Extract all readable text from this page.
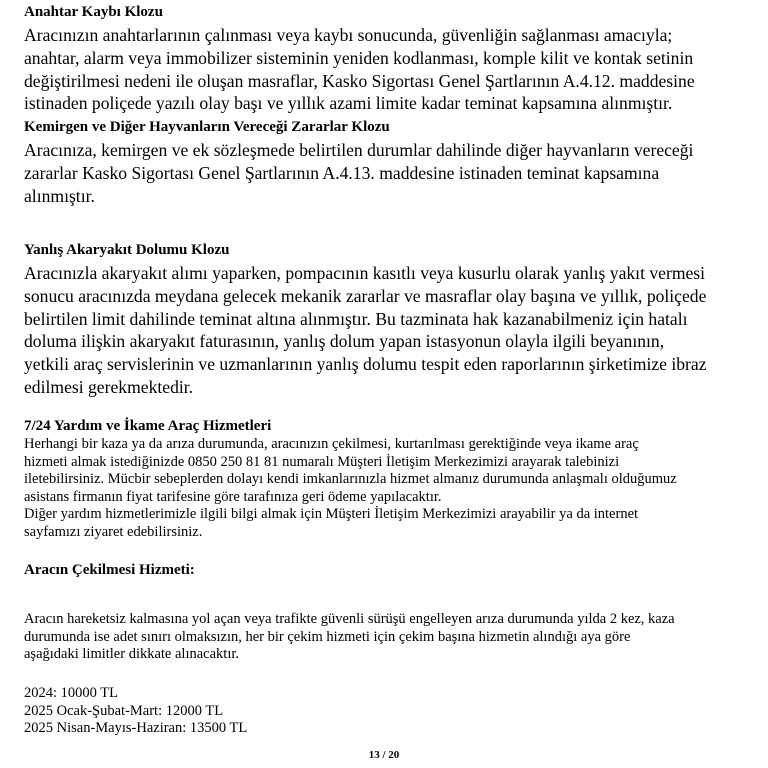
Anahtar Kaybı Klozu
Aracınızın anahtarlarının çalınması veya kaybı sonucunda, güvenliğin sağlanması amacıyla;
anahtar, alarm veya immobilizer sisteminin yeniden kodlanması, komple kilit ve kontak setinin
değiştirilmesi nedeni ile oluşan masraflar, Kasko Sigortası Genel Şartlarının A.4.12. maddesine
istinaden poliçede yazılı olay başı ve yıllık azami limite kadar teminat kapsamına alınmıştır.
Kemirgen ve Diğer Hayvanların Vereceği Zararlar Klozu
Aracınıza, kemirgen ve ek sözleşmede belirtilen durumlar dahilinde diğer hayvanların vereceği
zararlar Kasko Sigortası Genel Şartlarının A.4.13. maddesine istinaden teminat kapsamına
alınmıştır.
Yanlış Akaryakıt Dolumu Klozu
Aracınızla akaryakıt alımı yaparken, pompacının kasıtlı veya kusurlu olarak yanlış yakıt vermesi
sonucu aracınızda meydana gelecek mekanik zararlar ve masraflar olay başına ve yıllık, poliçede
belirtilen limit dahilinde teminat altına alınmıştır. Bu tazminata hak kazanabilmeniz için hatalı
doluma ilişkin akaryakıt faturasının, yanlış dolum yapan istasyonun olayla ilgili beyanının,
yetkili araç servislerinin ve uzmanlarının yanlış dolumu tespit eden raporlarının şirketimize ibraz
edilmesi gerekmektedir.
7/24 Yardım ve İkame Araç Hizmetleri
Herhangi bir kaza ya da arıza durumunda, aracınızın çekilmesi, kurtarılması gerektiğinde veya ikame araç
hizmeti almak istediğinizde 0850 250 81 81 numaralı Müşteri İletişim Merkezimizi arayarak talebinizi
iletebilirsiniz. Mücbir sebeplerden dolayı kendi imkanlarınızla hizmet almanız durumunda anlaşmalı olduğumuz
asistans firmanın fiyat tarifesine göre tarafınıza geri ödeme yapılacaktır.
Diğer yardım hizmetlerimizle ilgili bilgi almak için Müşteri İletişim Merkezimizi arayabilir ya da internet
sayfamızı ziyaret edebilirsiniz.
Aracın Çekilmesi Hizmeti:
Aracın hareketsiz kalmasına yol açan veya trafikte güvenli sürüşü engelleyen arıza durumunda yılda 2 kez, kaza
durumunda ise adet sınırı olmaksızın, her bir çekim hizmeti için çekim başına hizmetin alındığı aya göre
aşağıdaki limitler dikkate alınacaktır.
2024: 10000 TL
2025 Ocak-Şubat-Mart: 12000 TL
2025 Nisan-Mayıs-Haziran: 13500 TL
13 / 20
